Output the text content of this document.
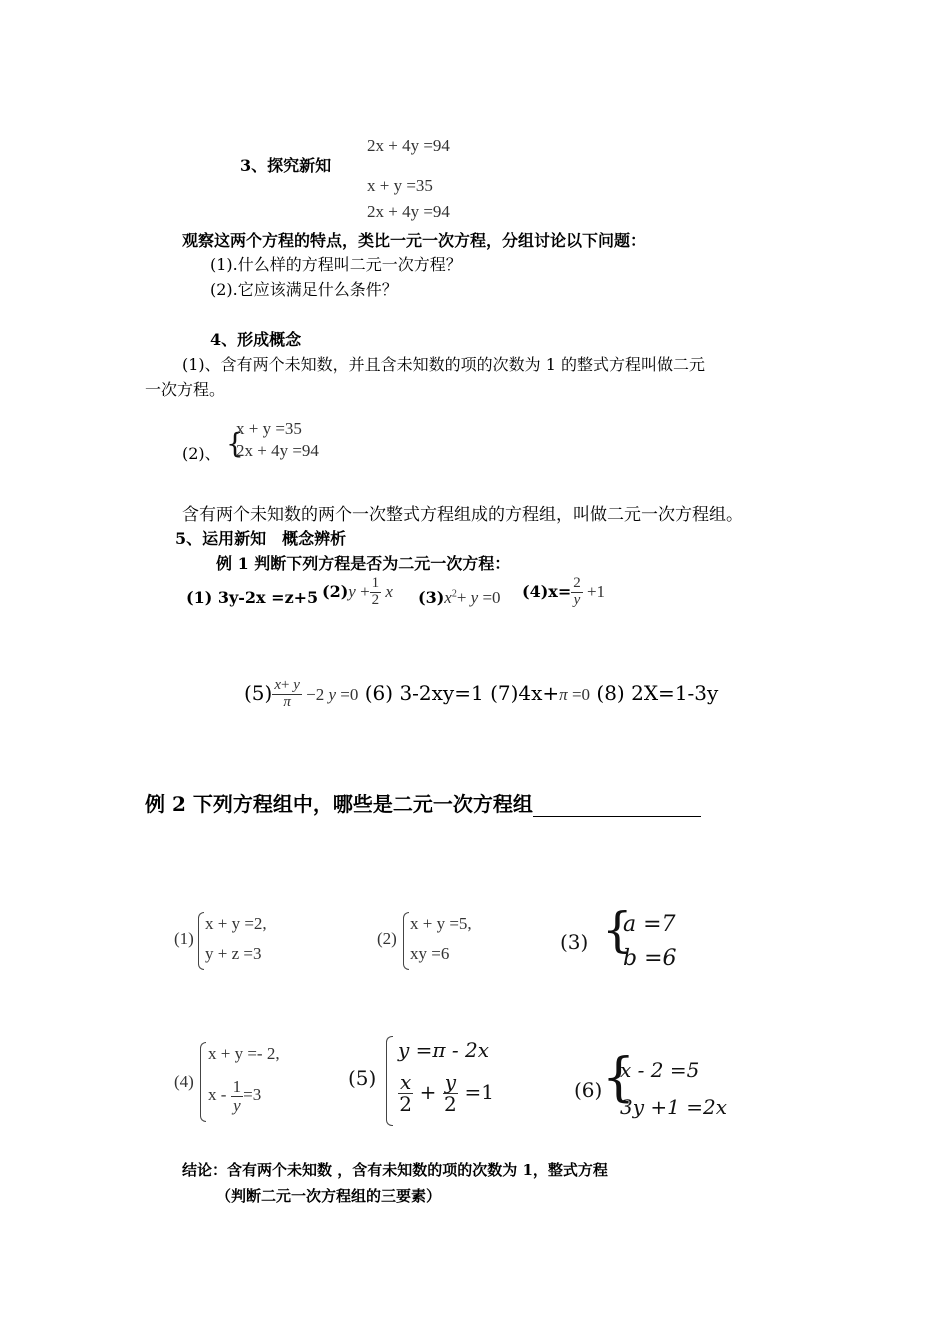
2x + 4y =94
3、探究新知
x + y =35
2x + 4y =94
观察这两个方程的特点，类比一元一次方程，分组讨论以下问题：
(1).什么样的方程叫二元一次方程？
(2).它应该满足什么条件？
4、形成概念
(1)、含有两个未知数，并且含未知数的项的次数为 1 的整式方程叫做二元
一次方程。
(2)、 {
x + y =35
2x + 4y =94
含有两个未知数的两个一次整式方程组成的方程组，叫做二元一次方程组。
5、运用新知　概念辨析
例 1 判断下列方程是否为二元一次方程：
(1) 3y-2x =z+5 $(2)y + \frac{1}{2}$ x $(3)x^2+ y =0$ $(4)x= \frac{2}{y} +1$
$(5) \frac{x+ y}{\pi} -2$ y =0 (6) 3-2xy=1 (7)4x+π =0 (8) 2X=1-3y
例 2 下列方程组中，哪些是二元一次方程组
(1)
x + y =2,
y + z =3
(2)
x + y =5,
xy =6	(3) {
a =7
b =6
(4)
x + y =- 2,
$x - \frac{1}{y} =3$
(5)
y =π - 2x
$\frac{x}{2} + \frac{y}{2} =1$	(6) {
x - 2 =5
3y +1 =2x
结论：含有两个未知数 ，含有未知数的项的次数为 1，整式方程
（判断二元一次方程组的三要素）
